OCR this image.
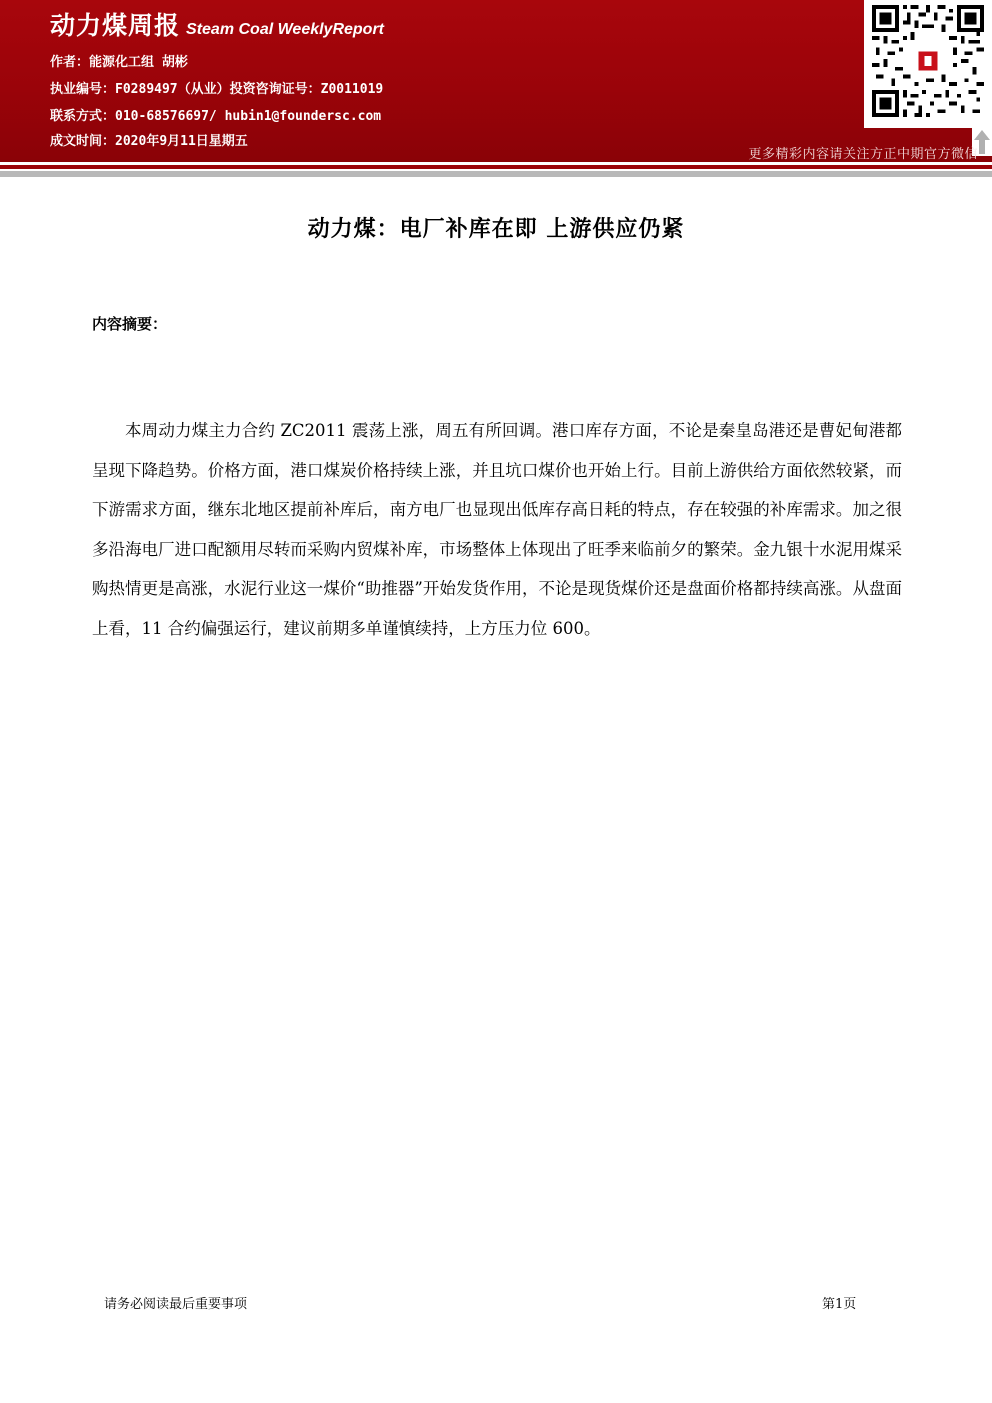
动力煤周报 Steam Coal WeeklyReport
作者：能源化工组 胡彬
执业编号：F0289497（从业）投资咨询证号：Z0011019
联系方式：010-68576697/ hubin1@foundersc.com
成文时间：2020年9月11日星期五
更多精彩内容请关注方正中期官方微信
动力煤：电厂补库在即 上游供应仍紧
内容摘要：

本周动力煤主力合约 ZC2011 震荡上涨，周五有所回调。港口库存方面，不论是秦皇岛港还是曹妃甸港都呈现下降趋势。价格方面，港口煤炭价格持续上涨，并且坑口煤价也开始上行。目前上游供给方面依然较紧，而下游需求方面，继东北地区提前补库后，南方电厂也显现出低库存高日耗的特点，存在较强的补库需求。加之很多沿海电厂进口配额用尽转而采购内贸煤补库，市场整体上体现出了旺季来临前夕的繁荣。金九银十水泥用煤采购热情更是高涨，水泥行业这一煤价“助推器”开始发货作用，不论是现货煤价还是盘面价格都持续高涨。从盘面上看，11 合约偏强运行，建议前期多单谨慎续持，上方压力位 600。

请务必阅读最后重要事项	第1页
